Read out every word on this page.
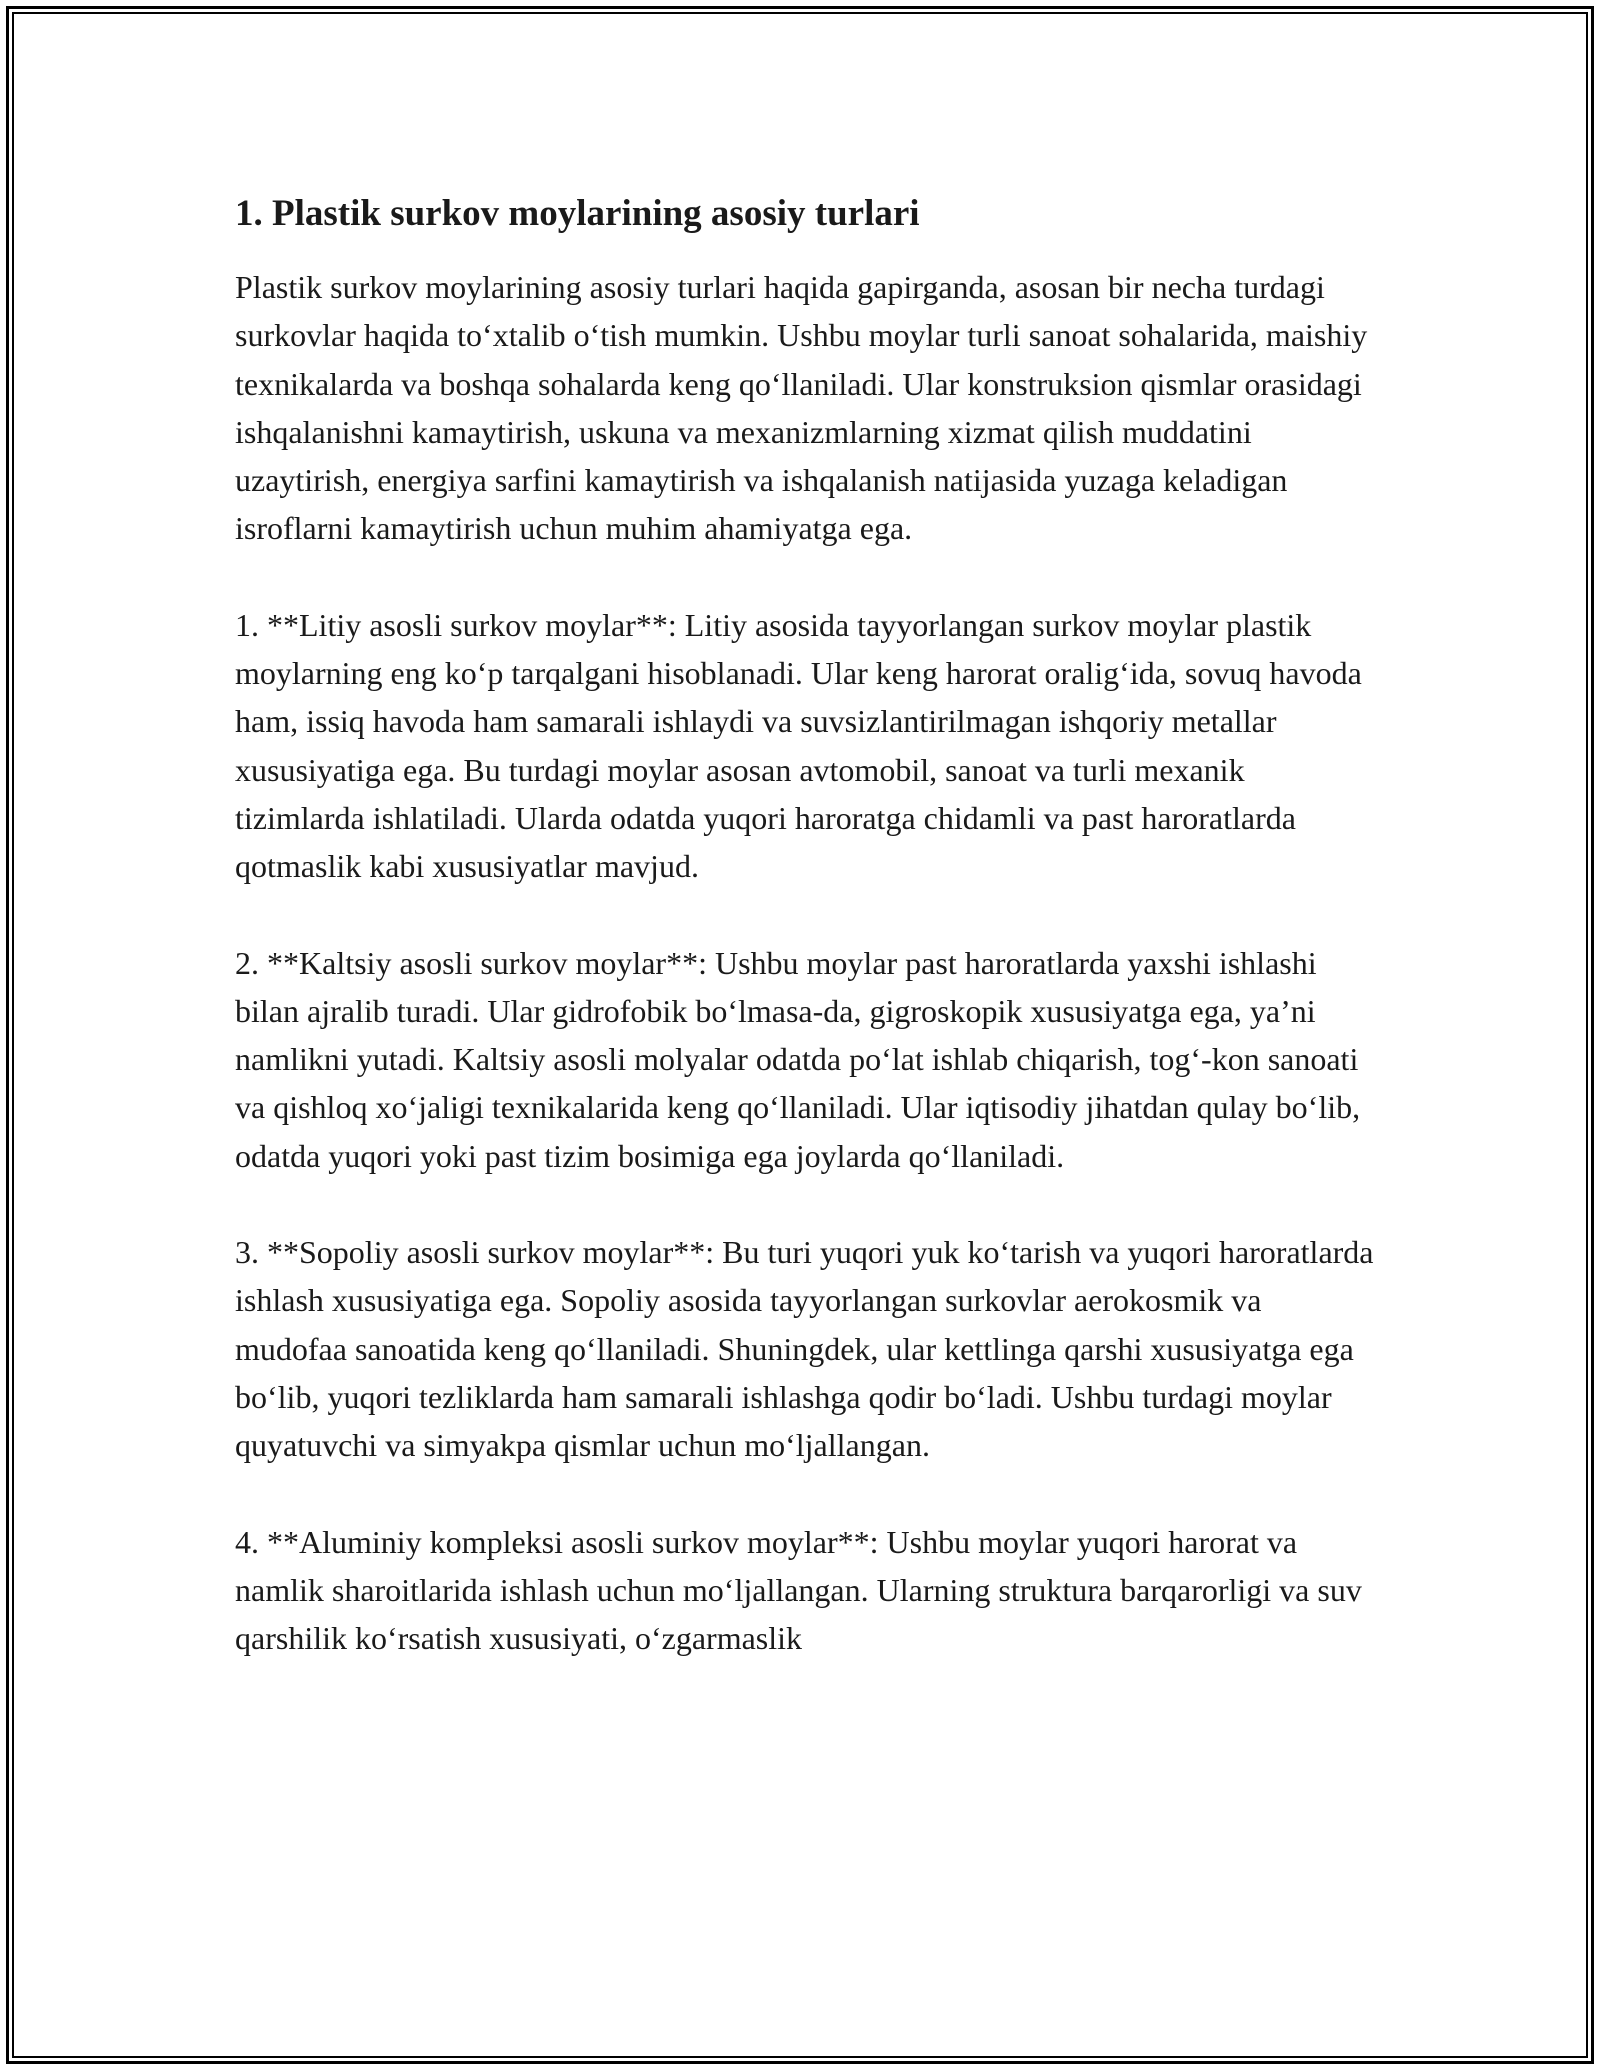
1. Plastik surkov moylarining asosiy turlari

Plastik surkov moylarining asosiy turlari haqida gapirganda, asosan bir necha turdagi surkovlar haqida to‘xtalib o‘tish mumkin. Ushbu moylar turli sanoat sohalarida, maishiy texnikalarda va boshqa sohalarda keng qo‘llaniladi. Ular konstruksion qismlar orasidagi ishqalanishni kamaytirish, uskuna va mexanizmlarning xizmat qilish muddatini uzaytirish, energiya sarfini kamaytirish va ishqalanish natijasida yuzaga keladigan isroflarni kamaytirish uchun muhim ahamiyatga ega.

1. **Litiy asosli surkov moylar**: Litiy asosida tayyorlangan surkov moylar plastik moylarning eng ko‘p tarqalgani hisoblanadi. Ular keng harorat oralig‘ida, sovuq havoda ham, issiq havoda ham samarali ishlaydi va suvsizlantirilmagan ishqoriy metallar xususiyatiga ega. Bu turdagi moylar asosan avtomobil, sanoat va turli mexanik tizimlarda ishlatiladi. Ularda odatda yuqori haroratga chidamli va past haroratlarda qotmaslik kabi xususiyatlar mavjud.

2. **Kaltsiy asosli surkov moylar**: Ushbu moylar past haroratlarda yaxshi ishlashi bilan ajralib turadi. Ular gidrofobik bo‘lmasa-da, gigroskopik xususiyatga ega, ya’ni namlikni yutadi. Kaltsiy asosli molyalar odatda po‘lat ishlab chiqarish, tog‘-kon sanoati va qishloq xo‘jaligi texnikalarida keng qo‘llaniladi. Ular iqtisodiy jihatdan qulay bo‘lib, odatda yuqori yoki past tizim bosimiga ega joylarda qo‘llaniladi.

3. **Sopoliy asosli surkov moylar**: Bu turi yuqori yuk ko‘tarish va yuqori haroratlarda ishlash xususiyatiga ega. Sopoliy asosida tayyorlangan surkovlar aerokosmik va mudofaa sanoatida keng qo‘llaniladi. Shuningdek, ular kettlinga qarshi xususiyatga ega bo‘lib, yuqori tezliklarda ham samarali ishlashga qodir bo‘ladi. Ushbu turdagi moylar quyatuvchi va simyakpa qismlar uchun mo‘ljallangan.

4. **Aluminiy kompleksi asosli surkov moylar**: Ushbu moylar yuqori harorat va namlik sharoitlarida ishlash uchun mo‘ljallangan. Ularning struktura barqarorligi va suv qarshilik ko‘rsatish xususiyati, o‘zgarmaslik
